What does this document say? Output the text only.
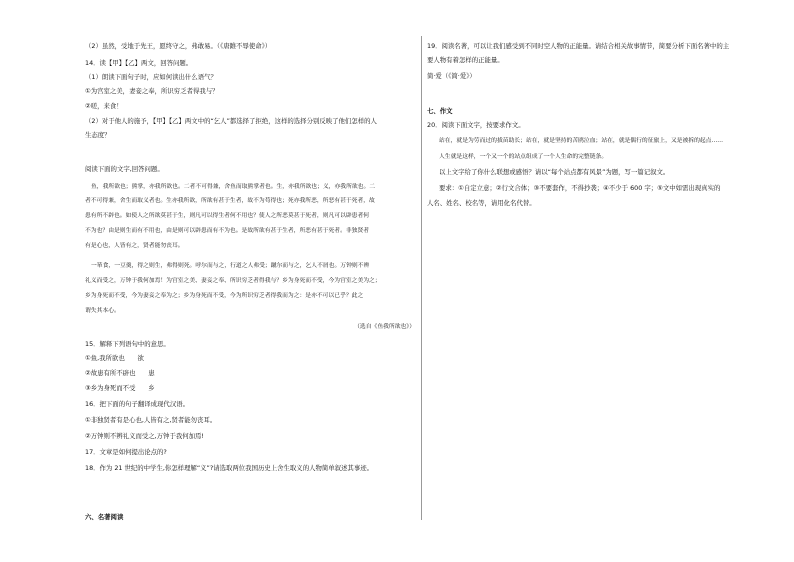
（2）虽然，受地于先王，愿终守之，弗敢易。（《唐雎不辱使命》）
14．读【甲】【乙】两文，回答问题。
（1）朗读下面句子时，应如何读出什么语气？
①为宫室之美，妻妾之奉，所识穷乏者得我与？
②嗟，来食！
（2）对于他人的施予，【甲】【乙】两文中的“乞人”都选择了拒绝，这样的选择分别反映了他们怎样的人
生态度？
阅读下面的文字,回答问题。
鱼，我所欲也；熊掌，亦我所欲也。二者不可得兼，舍鱼而取熊掌者也。生，亦我所欲也；义，亦我所欲也。二
者不可得兼，舍生而取义者也。生亦我所欲，所欲有甚于生者，故不为苟得也；死亦我所恶，所恶有甚于死者，故
患有所不辟也。如使人之所欲莫甚于生，则凡可以得生者何不用也？使人之所恶莫甚于死者，则凡可以辟患者何
不为也？由是则生而有不用也，由是则可以辟患而有不为也。是故所欲有甚于生者，所恶有甚于死者。非独贤者
有是心也，人皆有之，贤者能勿丧耳。
一箪食，一豆羹，得之则生，弗得则死。呼尔而与之，行道之人弗受；蹴尔而与之，乞人不屑也。万钟则不辨
礼义而受之，万钟于我何加焉！为宫室之美、妻妾之奉、所识穷乏者得我与？乡为身死而不受，今为宫室之美为之；
乡为身死而不受，今为妻妾之奉为之；乡为身死而不受，今为所识穷乏者得我而为之：是亦不可以已乎？此之
谓失其本心。
（选自《鱼我所欲也》）
15．解释下列语句中的意思。
①鱼,我所欲也　　欲
②故患有所不辟也　　患
③乡为身死而不受　　乡
16．把下面的句子翻译成现代汉语。
①非独贤者有是心也,人皆有之,贤者能勿丧耳。
②万钟则不辨礼义而受之,万钟于我何加焉!
17．文章是如何提出论点的?
18．作为 21 世纪的中学生,你怎样理解“义”?请选取两位我国历史上舍生取义的人物简单叙述其事迹。
六、名著阅读
19．阅读名著，可以让我们感受到不同时空人物的正能量。请结合相关故事情节，简要分析下面名著中的主
要人物有着怎样的正能量。
简·爱（《简·爱》）
七、作文
20．阅读下面文字，按要求作文。
站在，就是为劳而过的拔苗助长；站在，就是坚持的苦鸥泣血；站在，就是偶行的征旅上，又是被拆的起点……
人生就是这样，一个又一个的站点组成了一个人生命的完整链条。
以上文字给了你什么联想或感悟？请以“每个站点都有风景”为题，写一篇记叙文。
要求：①自定立意；②行文合体；③不要套作，不得抄袭；④不少于 600 字；⑤文中如需出现真实的
人名、姓名、校名等，请用化名代替。
